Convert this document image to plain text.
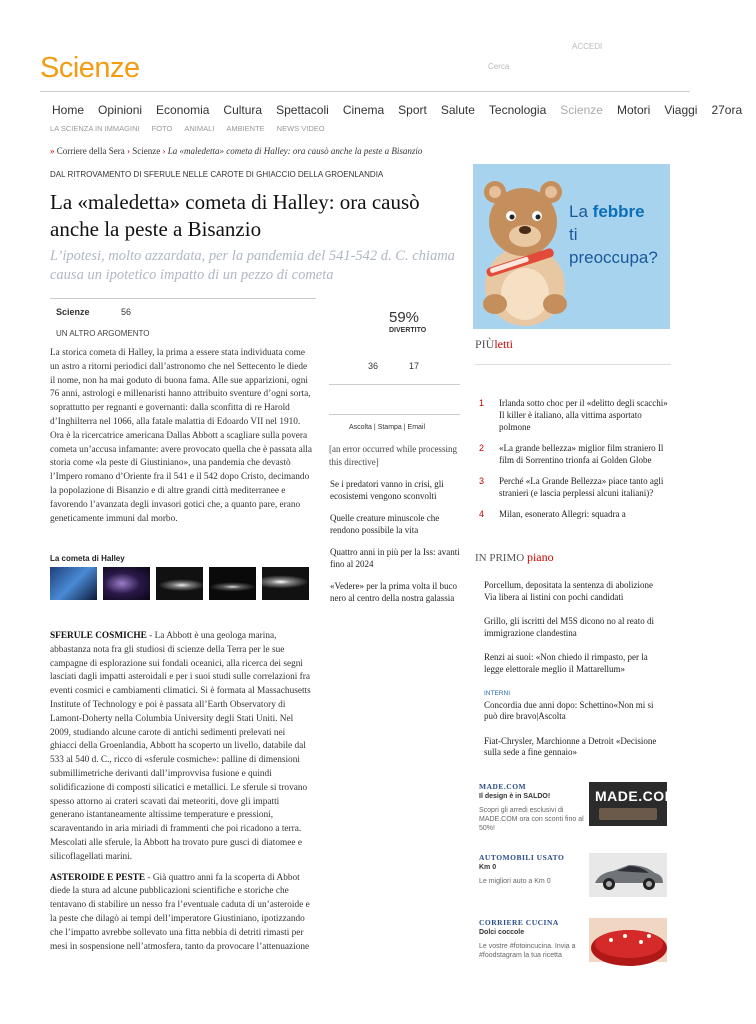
Scienze
ACCEDI
Cerca
Home Opinioni Economia Cultura Spettacoli Cinema Sport Salute Tecnologia Scienze Motori Viaggi 27ora
LA SCIENZA IN IMMAGINI FOTO ANIMALI AMBIENTE NEWS VIDEO
» Corriere della Sera › Scienze › La «maledetta» cometa di Halley: ora causò anche la peste a Bisanzio
DAL RITROVAMENTO DI SFERULE NELLE CAROTE DI GHIACCIO DELLA GROENLANDIA
La «maledetta» cometa di Halley: ora causò anche la peste a Bisanzio
L’ipotesi, molto azzardata, per la pandemia del 541-542 d. C. chiama causa un ipotetico impatto di un pezzo di cometa
Scienze	56
UN ALTRO ARGOMENTO
59%
DIVERTITO
36	17
Ascolta | Stampa | Email
[an error occurred while processing this directive]
Se i predatori vanno in crisi, gli ecosistemi vengono sconvolti
Quelle creature minuscole che rendono possibile la vita
Quattro anni in più per la Iss: avanti fino al 2024
«Vedere» per la prima volta il buco nero al centro della nostra galassia
La storica cometa di Halley, la prima a essere stata individuata come un astro a ritorni periodici dall’astronomo che nel Settecento le diede il nome, non ha mai goduto di buona fama. Alle sue apparizioni, ogni 76 anni, astrologi e millenaristi hanno attribuito sventure d’ogni sorta, soprattutto per regnanti e governanti: dalla sconfitta di re Harold d’Inghilterra nel 1066, alla fatale malattia di Edoardo VII nel 1910. Ora è la ricercatrice americana Dallas Abbott a scagliare sulla povera cometa un’accusa infamante: avere provocato quella che è passata alla storia come «la peste di Giustiniano», una pandemia che devastò l’Impero romano d’Oriente fra il 541 e il 542 dopo Cristo, decimando la popolazione di Bisanzio e di altre grandi città mediterranee e favorendo l’avanzata degli invasori gotici che, a quanto pare, erano geneticamente immuni dal morbo.
La cometa di Halley

SFERULE COSMICHE - La Abbott è una geologa marina, abbastanza nota fra gli studiosi di scienze della Terra per le sue campagne di esplorazione sui fondali oceanici, alla ricerca dei segni lasciati dagli impatti asteroidali e per i suoi studi sulle correlazioni fra eventi cosmici e cambiamenti climatici. Si è formata al Massachusetts Institute of Technology e poi è passata all’Earth Observatory di Lamont-Doherty nella Columbia University degli Stati Uniti. Nel 2009, studiando alcune carote di antichi sedimenti prelevati nei ghiacci della Groenlandia, Abbott ha scoperto un livello, databile dal 533 al 540 d. C., ricco di «sferule cosmiche»: palline di dimensioni submillimetriche derivanti dall’improvvisa fusione e quindi solidificazione di composti silicatici e metallici. Le sferule si trovano spesso attorno ai crateri scavati dai meteoriti, dove gli impatti generano istantaneamente altissime temperature e pressioni, scaraventando in aria miriadi di frammenti che poi ricadono a terra. Mescolati alle sferule, la Abbott ha trovato pure gusci di diatomee e silicoflagellati marini.

ASTEROIDE E PESTE - Già quattro anni fa la scoperta di Abbot diede la stura ad alcune pubblicazioni scientifiche e storiche che tentavano di stabilire un nesso fra l’eventuale caduta di un’asteroide e la peste che dilagò ai tempi dell’imperatore Giustiniano, ipotizzando che l’impatto avrebbe sollevato una fitta nebbia di detriti rimasti per mesi in sospensione nell’atmosfera, tanto da provocare l’attenuazione

La febbre
ti preoccupa?
PIÙletti
1	Irlanda sotto choc per il «delitto degli scacchi» Il killer è italiano, alla vittima asportato polmone
2	«La grande bellezza» miglior film straniero Il film di Sorrentino trionfa ai Golden Globe
3	Perché «La Grande Bellezza» piace tanto agli stranieri (e lascia perplessi alcuni italiani)?
4	Milan, esonerato Allegri: squadra a
IN PRIMO piano
Porcellum, depositata la sentenza di abolizione
Via libera ai listini con pochi candidati
Grillo, gli iscritti del M5S dicono no al reato di immigrazione clandestina
Renzi ai suoi: «Non chiedo il rimpasto, per la legge elettorale meglio il Mattarellum»
INTERNI
Concordia due anni dopo: Schettino«Non mi si può dire bravo|Ascolta
Fiat-Chrysler, Marchionne a Detroit «Decisione sulla sede a fine gennaio»
MADE.COM
Il design è in SALDO!
Scopri gli arredi esclusivi di MADE.COM ora con sconti fino al 50%!
MADE.COM
AUTOMOBILI USATO
Km 0
Le migliori auto a Km 0
CORRIERE CUCINA
Dolci coccole
Le vostre #fotoincucina. Invia a #foodstagram la tua ricetta
